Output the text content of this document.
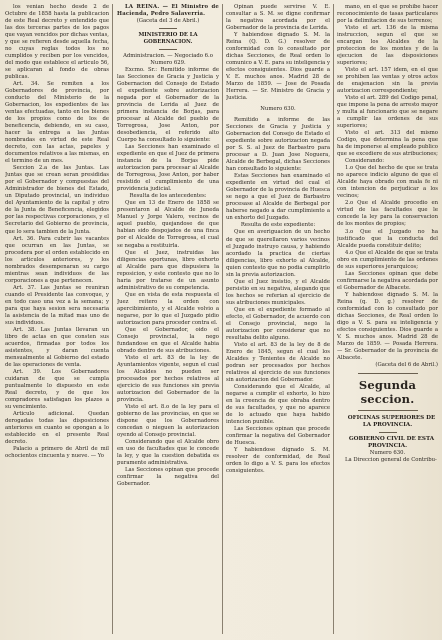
los venian hecho desde 2 de Octubre de 1858 hasta la publicacion de este Real decreto y entendido que las dos terceras partes de los pagos que vayan vencidos por dichas ventas, y que se refieren desde aquella fecha, no cuyas reglas todos los no cumplidos y reciben por los vencidos, del modo que establece el articulo 56, se aplicaran al fondo de obras publicas.

Art. 34. Se remiten a los Gobernadores de provincia, por conducto del Ministerio de la Gobernacion, los expedientes de las ventas efectuadas, tanto en los bienes de los propios como de los de beneficencia, debiendo, en su caso, hacer la entrega a las Juntas nombradas en virtud de este Real decreto, con las actas, papeles y documentos relativos a las mismas, en el termino de un mes.

Seccion 2.a de las Juntas. Las Juntas que se crean seran presididas por el Gobernador y compuestas del Administrador de bienes del Estado, un Diputado provincial, un individuo del Ayuntamiento de la capital y otro de la Junta de Beneficencia, elegidos por las respectivas corporaciones, y el Secretario del Gobierno de provincia, que lo sera tambien de la Junta.

Art. 36. Para cubrir las vacantes que ocurran en las Juntas, se procedera por el orden establecido en los articulos anteriores, y los nombrados desempenaran su cargo mientras sean individuos de las corporaciones a que pertenecen.

Art. 37. Las Juntas se reuniran cuando el Presidente las convoque, y en todo caso una vez a la semana; y para que haya sesion sera necesaria la asistencia de la mitad mas uno de sus individuos.

Art. 38. Las Juntas llevaran un libro de actas en que consten sus acuerdos, firmadas por todos los asistentes, y daran cuenta mensualmente al Gobierno del estado de las operaciones de venta.

Art. 39. Los Gobernadores cuidaran de que se cumpla puntualmente lo dispuesto en este Real decreto, y de que los compradores satisfagan los plazos a su vencimiento.

Articulo adicional. Quedan derogadas todas las disposiciones anteriores en cuanto se opongan a lo establecido en el presente Real decreto.

Palacio a primero de Abril de mil ochocientos cincuenta y nueve. — Yo

LA REINA. — El Ministro de Hacienda, Pedro Salaverria.

(Gaceta del 3 de Abril.)

MINISTERIO DE LA GOBERNACION.

Administracion. — Negociado 6.o

Numero 629.

Excmo. Sr.: Remitido informe de las Secciones de Gracia y Justicia y Gobernacion del Consejo de Estado el expediente sobre autorizacion negada por el Gobernador de la provincia de Lerida al Juez de primera instancia de Borjas, para procesar al Alcalde del pueblo de Torregrosa, Jose Anton, por desobediencia, el referido alto Cuerpo ha consultado lo siguiente:

Las Secciones han examinado el expediente en que el Juez de primera instancia de la Borjas pide autorizacion para procesar al Alcalde de Torregrosa, Jose Anton, por haber resistido el cumplimiento de una providencia judicial.

Resulta de los antecedentes:

Que en 13 de Enero de 1858 se presentaron al Alcalde de Juneda Manuel y Jorge Valero, vecinos de aquel pueblo, quejandose de que habian sido despojados de una finca por el Alcalde de Torregrosa, el cual se negaba a restituirla.

Que el Juez, instruidas las diligencias oportunas, libro exhorto al Alcalde para que dispusiera la reposicion, y este contesto que no lo haria por tratarse de un asunto administrativo de su competencia.

Que en vista de esta respuesta el Juez reitero la orden con apercibimiento, y el Alcalde volvio a negarse, por lo que el Juzgado pidio autorizacion para proceder contra el.

Que el Gobernador, oido el Consejo provincial, la nego fundandose en que el Alcalde habia obrado dentro de sus atribuciones.

Visto el art. 83 de la ley de Ayuntamientos vigente, segun el cual los Alcaldes no pueden ser procesados por hechos relativos al ejercicio de sus funciones sin previa autorizacion del Gobernador de la provincia.

Visto el art. 8.o de la ley para el gobierno de las provincias, en que se dispone que los Gobernadores concedan o nieguen la autorizacion oyendo al Consejo provincial.

Considerando que el Alcalde obro en uso de facultades que le concede la ley, y que la cuestion debatida es puramente administrativa.

Las Secciones opinan que procede confirmar la negativa del Gobernador.

Opinan puede servirse V. E. consultar a S. M. se digne confirmar la negativa acordada por el Gobernador de la provincia de Lerida.

Y habiendose dignado S. M. la Reina (Q. D. G.) resolver de conformidad con lo consultado por dichas Secciones, de Real orden lo comunico a V. E. para su inteligencia y efectos consiguientes. Dios guarde a V. E. muchos anos. Madrid 28 de Marzo de 1859. — Jose de Posada Herrera. — Sr. Ministro de Gracia y Justicia.

Numero 630.

Remitido a informe de las Secciones de Gracia y Justicia y Gobernacion del Consejo de Estado el expediente sobre autorizacion negada por S. S. al Juez de Barbastro para procesar a D. Juan Jose Noguera, Alcalde de Berbegal, dichas Secciones han consultado lo siguiente:

Estas Secciones han examinado el expediente en virtud del cual el Gobernador de la provincia de Huesca se nego a que el Juez de Barbastro procesase al Alcalde de Berbegal por haberse negado a dar cumplimiento a un exhorto del Juzgado.

Resulta de este expediente:

Que en averiguacion de un hecho de que se querellaron varios vecinos el Juzgado instruyo causa, y habiendo acordado la practica de ciertas diligencias, libro exhorto al Alcalde, quien contesto que no podia cumplirlo sin la previa autorizacion.

Que el Juez insistio, y el Alcalde persistio en su negativa, alegando que los hechos se referian al ejercicio de sus atribuciones municipales.

Que en el expediente formado al efecto, el Gobernador, de acuerdo con el Consejo provincial, nego la autorizacion por considerar que no resultaba delito alguno.

Visto el art. 83 de la ley de 8 de Enero de 1845, segun el cual los Alcaldes y Tenientes de Alcalde no podran ser procesados por hechos relativos al ejercicio de sus funciones sin autorizacion del Gobernador.

Considerando que el Alcalde, al negarse a cumplir el exhorto, lo hizo en la creencia de que obraba dentro de sus facultades, y que no aparece de lo actuado que haya habido intencion punible.

Las Secciones opinan que procede confirmar la negativa del Gobernador de Huesca.

Y habiendose dignado S. M. resolver de conformidad, de Real orden lo digo a V. S. para los efectos consiguientes.

mano, en el que se prohibe hacer reconocimiento de tasas particulares por la delimitacion de sus terrenos;

Visto el art. 136 de la misma instruccion, segun el que se encargan los Alcaldes de la proteccion de los montes y de la ejecucion de las disposiciones superiores;

Visto el art. 157 idem, en el que se prohiben las ventas y otros actos de enajenacion sin la previa autorizacion correspondiente;

Visto el art. 289 del Codigo penal, que impone la pena de arresto mayor y multa al funcionario que se negare a cumplir las ordenes de sus superiores;

Visto el art. 313 del mismo Codigo, que determina la pena que ha de imponerse al empleado publico que se excediere de sus atribuciones;

Considerando:

1.o Que del hecho de que se trata no aparece indicio alguno de que el Alcalde haya obrado con mala fe ni con intencion de perjudicar a los vecinos;

2.o Que el Alcalde procedio en virtud de las facultades que le concede la ley para la conservacion de los montes de propios;

3.o Que el Juzgado no ha justificado que la conducta del Alcalde pueda constituir delito;

4.o Que el Alcalde de que se trata obro en cumplimiento de las ordenes de sus superiores jerarquicos;

Las Secciones opinan que debe confirmarse la negativa acordada por el Gobernador de Albacete.

Y habiendose dignado S. M. la Reina (q. D. g.) resolver de conformidad con lo consultado por dichas Secciones, de Real orden lo digo a V. S. para su inteligencia y efectos consiguientes. Dios guarde a V. S. muchos anos. Madrid 28 de Marzo de 1859. — Posada Herrera. — Sr. Gobernador de la provincia de Albacete.

(Gaceta del 6 de Abril.)

Segunda seccion.

OFICINAS SUPERIORES DE LA PROVINCIA.

GOBIERNO CIVIL DE ESTA PROVINCIA.

Numero 630.

La Direccion general de Contribu-
